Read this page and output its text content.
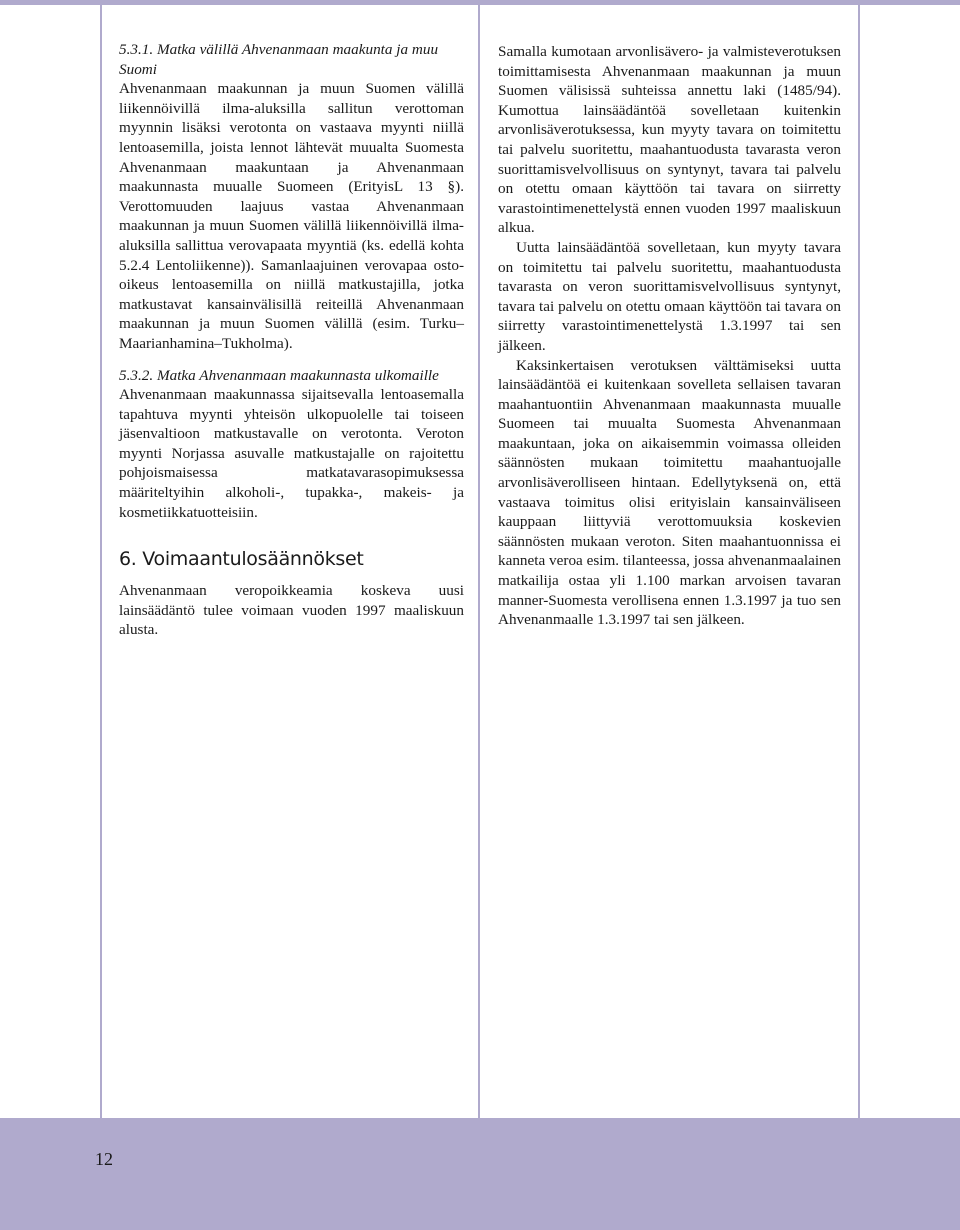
5.3.1. Matka välillä Ahvenanmaan maakunta ja muu Suomi

Ahvenanmaan maakunnan ja muun Suomen välillä liikennöivillä ilma-aluksilla sallitun verottoman myynnin lisäksi verotonta on vastaava myynti niillä lentoasemilla, joista lennot lähtevät muualta Suomesta Ahvenanmaan maakuntaan ja Ahvenanmaan maakunnasta muualle Suomeen (ErityisL 13 §). Verottomuuden laajuus vastaa Ahvenanmaan maakunnan ja muun Suomen välillä liikennöivillä ilma-aluksilla sallittua verovapaata myyntiä (ks. edellä kohta 5.2.4 Lentoliikenne)). Samanlaajuinen verovapaa osto-oikeus lentoasemilla on niillä matkustajilla, jotka matkustavat kansainvälisillä reiteillä Ahvenanmaan maakunnan ja muun Suomen välillä (esim. Turku–Maarianhamina–Tukholma).

5.3.2. Matka Ahvenanmaan maakunnasta ulkomaille

Ahvenanmaan maakunnassa sijaitsevalla lentoasemalla tapahtuva myynti yhteisön ulkopuolelle tai toiseen jäsenvaltioon matkustavalle on verotonta. Veroton myynti Norjassa asuvalle matkustajalle on rajoitettu pohjoismaisessa matkatavarasopimuksessa määriteltyihin alkoholi-, tupakka-, makeis- ja kosmetiikkatuotteisiin.

6. Voimaantulosäännökset

Ahvenanmaan veropoikkeamia koskeva uusi lainsäädäntö tulee voimaan vuoden 1997 maaliskuun alusta.

Samalla kumotaan arvonlisävero- ja valmisteverotuksen toimittamisesta Ahvenanmaan maakunnan ja muun Suomen välisissä suhteissa annettu laki (1485/94). Kumottua lainsäädäntöä sovelletaan kuitenkin arvonlisäverotuksessa, kun myyty tavara on toimitettu tai palvelu suoritettu, maahantuodusta tavarasta veron suorittamisvelvollisuus on syntynyt, tavara tai palvelu on otettu omaan käyttöön tai tavara on siirretty varastointimenettelystä ennen vuoden 1997 maaliskuun alkua.

Uutta lainsäädäntöä sovelletaan, kun myyty tavara on toimitettu tai palvelu suoritettu, maahantuodusta tavarasta on veron suorittamisvelvollisuus syntynyt, tavara tai palvelu on otettu omaan käyttöön tai tavara on siirretty varastointimenettelystä 1.3.1997 tai sen jälkeen.

Kaksinkertaisen verotuksen välttämiseksi uutta lainsäädäntöä ei kuitenkaan sovelleta sellaisen tavaran maahantuontiin Ahvenanmaan maakunnasta muualle Suomeen tai muualta Suomesta Ahvenanmaan maakuntaan, joka on aikaisemmin voimassa olleiden säännösten mukaan toimitettu maahantuojalle arvonlisäverolliseen hintaan. Edellytyksenä on, että vastaava toimitus olisi erityislain kansainväliseen kauppaan liittyviä verottomuuksia koskevien säännösten mukaan veroton. Siten maahantuonnissa ei kanneta veroa esim. tilanteessa, jossa ahvenanmaalainen matkailija ostaa yli 1.100 markan arvoisen tavaran manner-Suomesta verollisena ennen 1.3.1997 ja tuo sen Ahvenanmaalle 1.3.1997 tai sen jälkeen.

12
